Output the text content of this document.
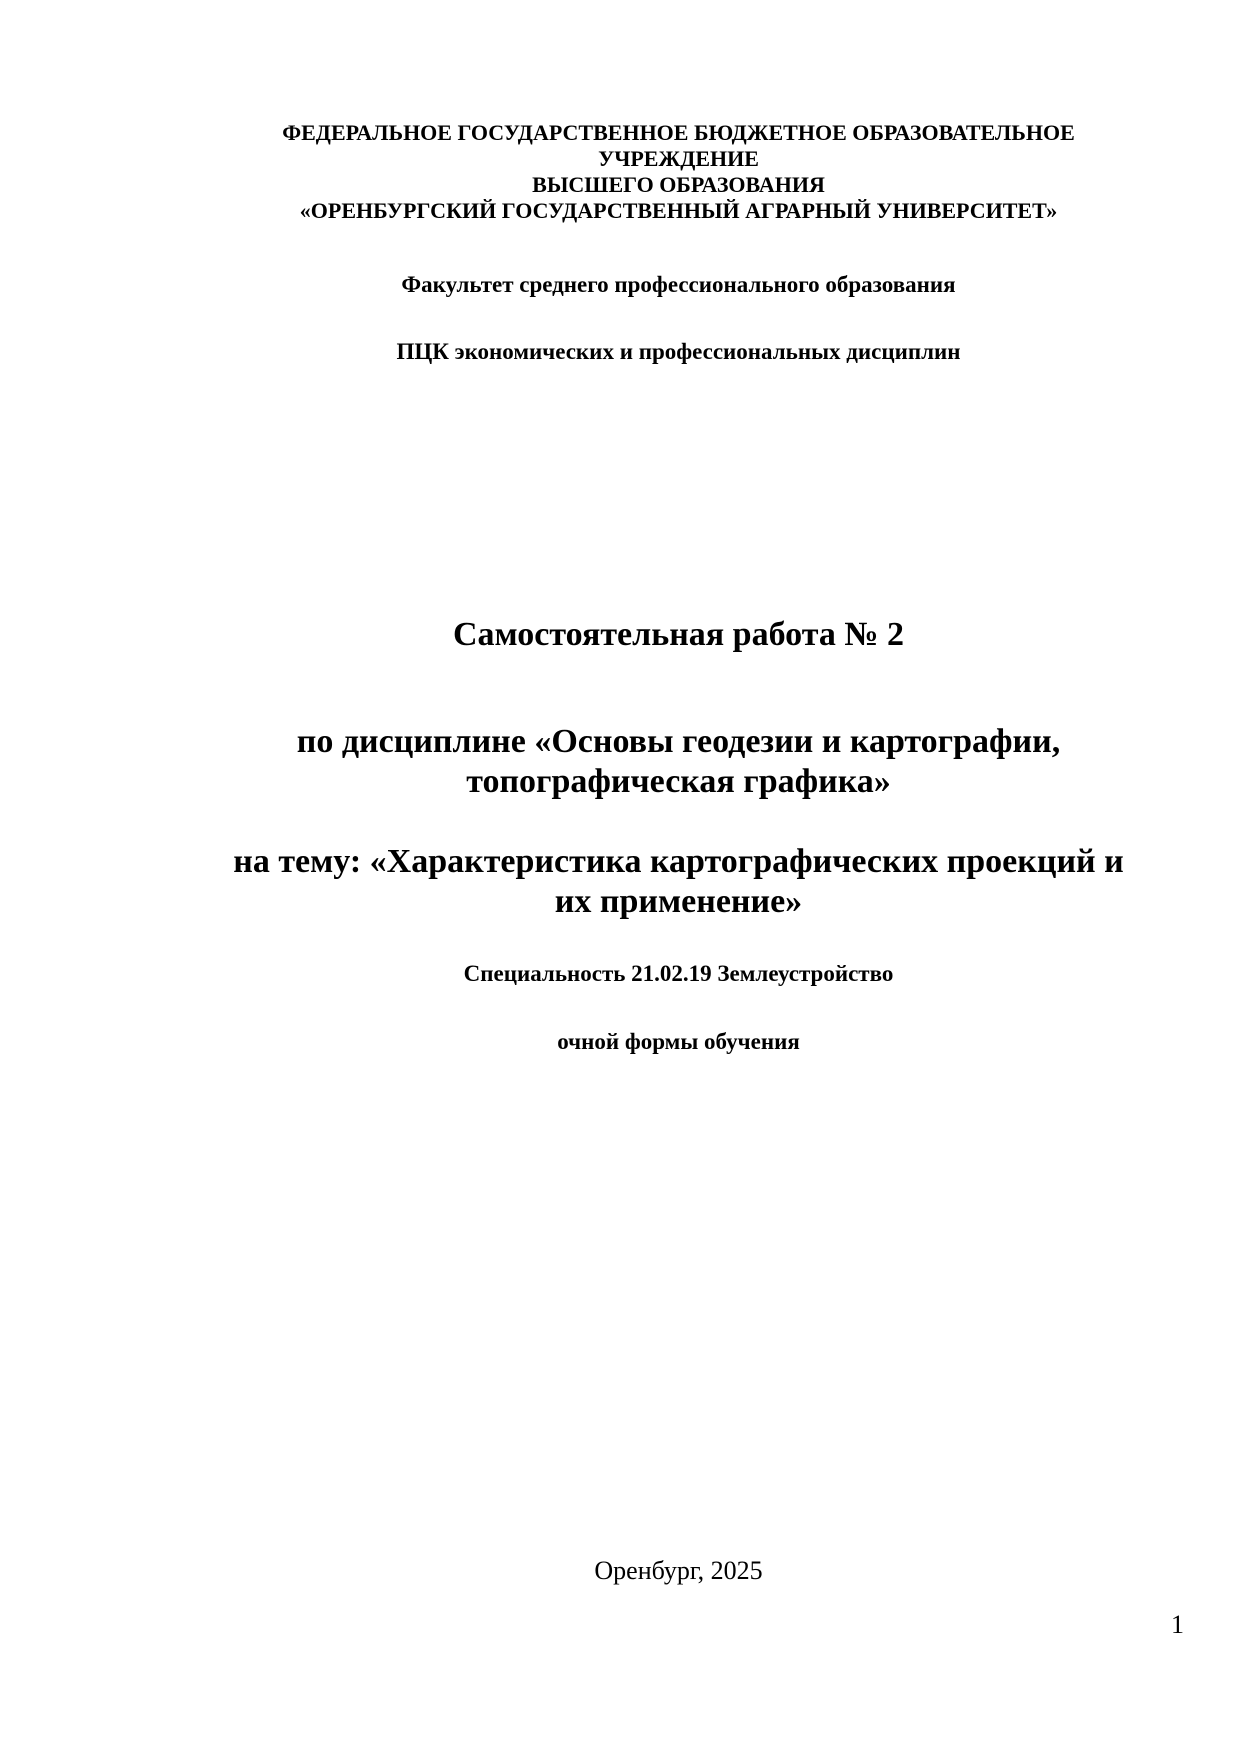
ФЕДЕРАЛЬНОЕ ГОСУДАРСТВЕННОЕ БЮДЖЕТНОЕ ОБРАЗОВАТЕЛЬНОЕ
УЧРЕЖДЕНИЕ
ВЫСШЕГО ОБРАЗОВАНИЯ
«ОРЕНБУРГСКИЙ ГОСУДАРСТВЕННЫЙ АГРАРНЫЙ УНИВЕРСИТЕТ»
Факультет среднего профессионального образования
ПЦК экономических и профессиональных дисциплин
Самостоятельная работа № 2
по дисциплине «Основы геодезии и картографии,
топографическая графика»
на тему: «Характеристика картографических проекций и
их применение»
Специальность 21.02.19 Землеустройство
очной формы обучения
Оренбург, 2025
1
